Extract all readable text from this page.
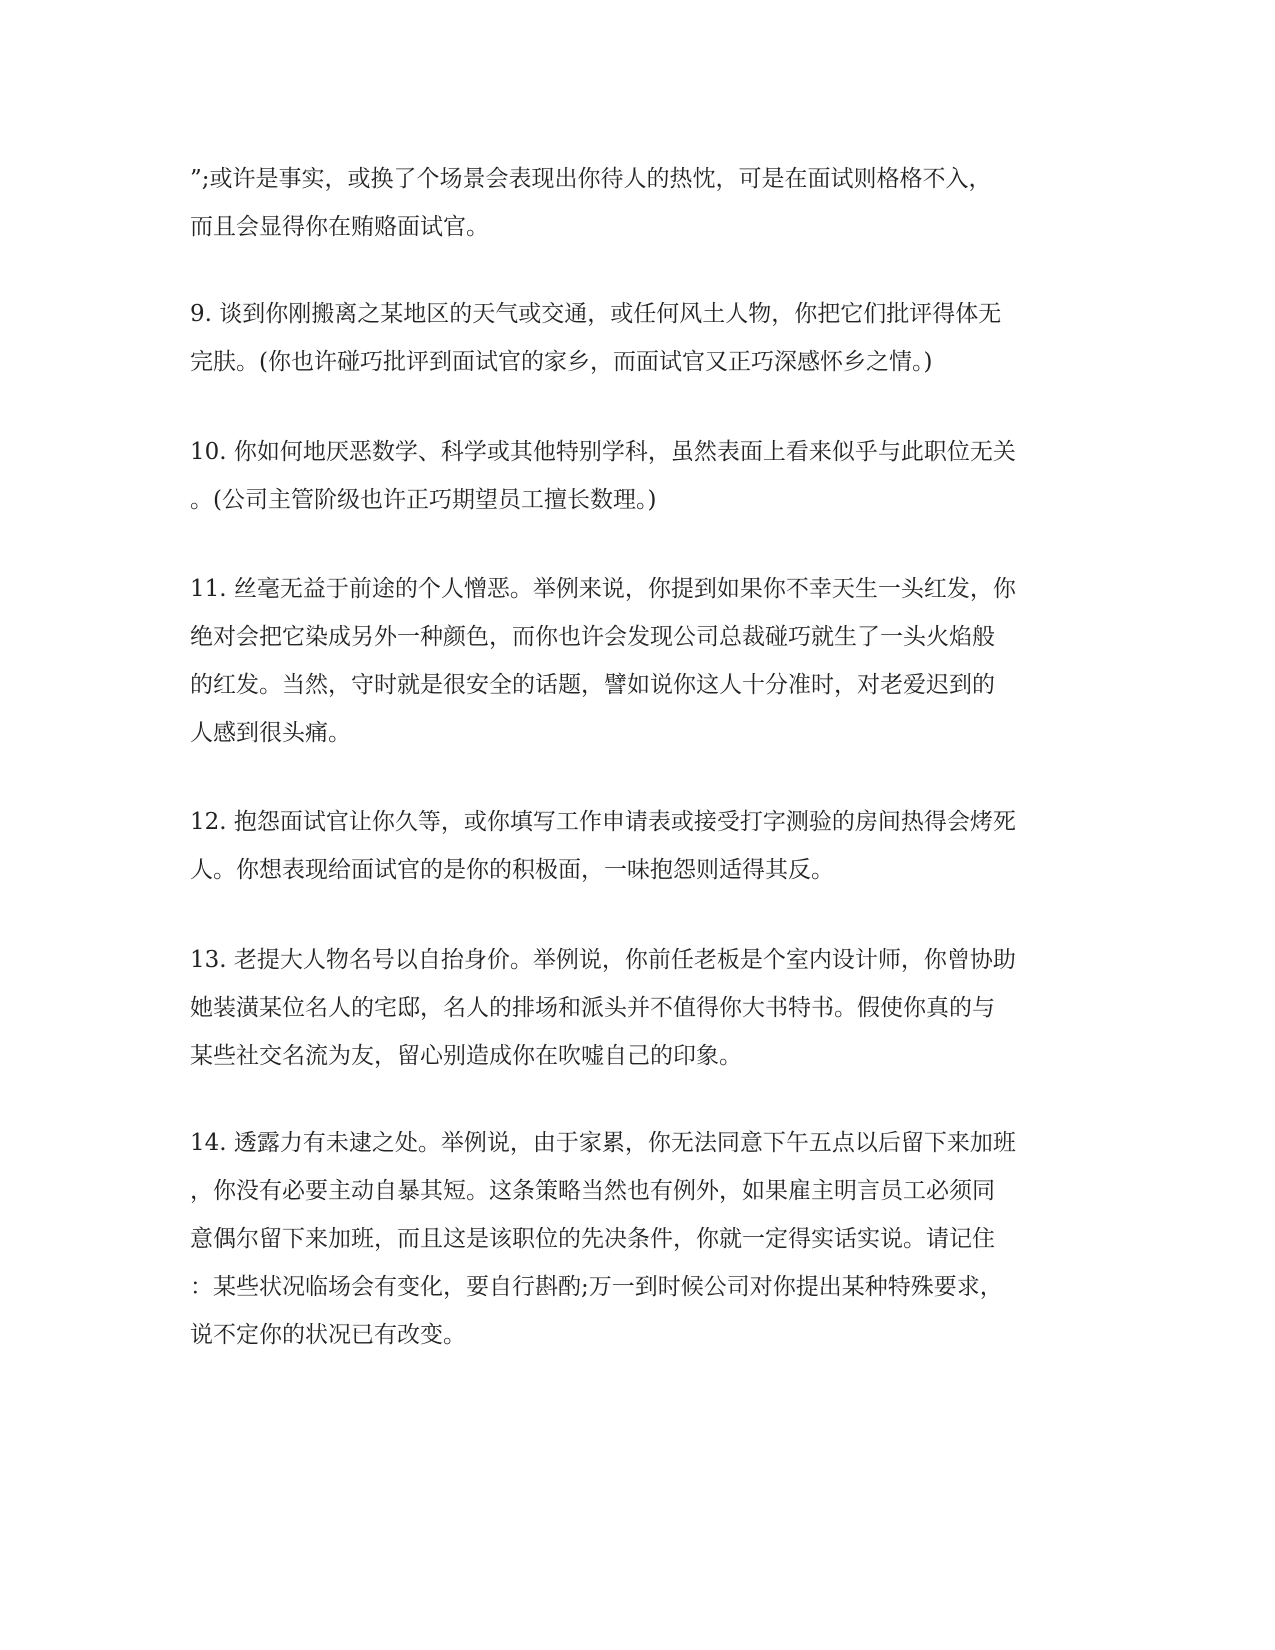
”;或许是事实，或换了个场景会表现出你待人的热忱，可是在面试则格格不入，
而且会显得你在贿赂面试官。
9. 谈到你刚搬离之某地区的天气或交通，或任何风土人物，你把它们批评得体无
完肤。(你也许碰巧批评到面试官的家乡，而面试官又正巧深感怀乡之情。)
10. 你如何地厌恶数学、科学或其他特别学科，虽然表面上看来似乎与此职位无关
。(公司主管阶级也许正巧期望员工擅长数理。)
11. 丝毫无益于前途的个人憎恶。举例来说，你提到如果你不幸天生一头红发，你
绝对会把它染成另外一种颜色，而你也许会发现公司总裁碰巧就生了一头火焰般
的红发。当然，守时就是很安全的话题，譬如说你这人十分准时，对老爱迟到的
人感到很头痛。
12. 抱怨面试官让你久等，或你填写工作申请表或接受打字测验的房间热得会烤死
人。你想表现给面试官的是你的积极面，一味抱怨则适得其反。
13. 老提大人物名号以自抬身价。举例说，你前任老板是个室内设计师，你曾协助
她装潢某位名人的宅邸，名人的排场和派头并不值得你大书特书。假使你真的与
某些社交名流为友，留心别造成你在吹嘘自己的印象。
14. 透露力有未逮之处。举例说，由于家累，你无法同意下午五点以后留下来加班
，你没有必要主动自暴其短。这条策略当然也有例外，如果雇主明言员工必须同
意偶尔留下来加班，而且这是该职位的先决条件，你就一定得实话实说。请记住
：某些状况临场会有变化，要自行斟酌;万一到时候公司对你提出某种特殊要求，
说不定你的状况已有改变。
